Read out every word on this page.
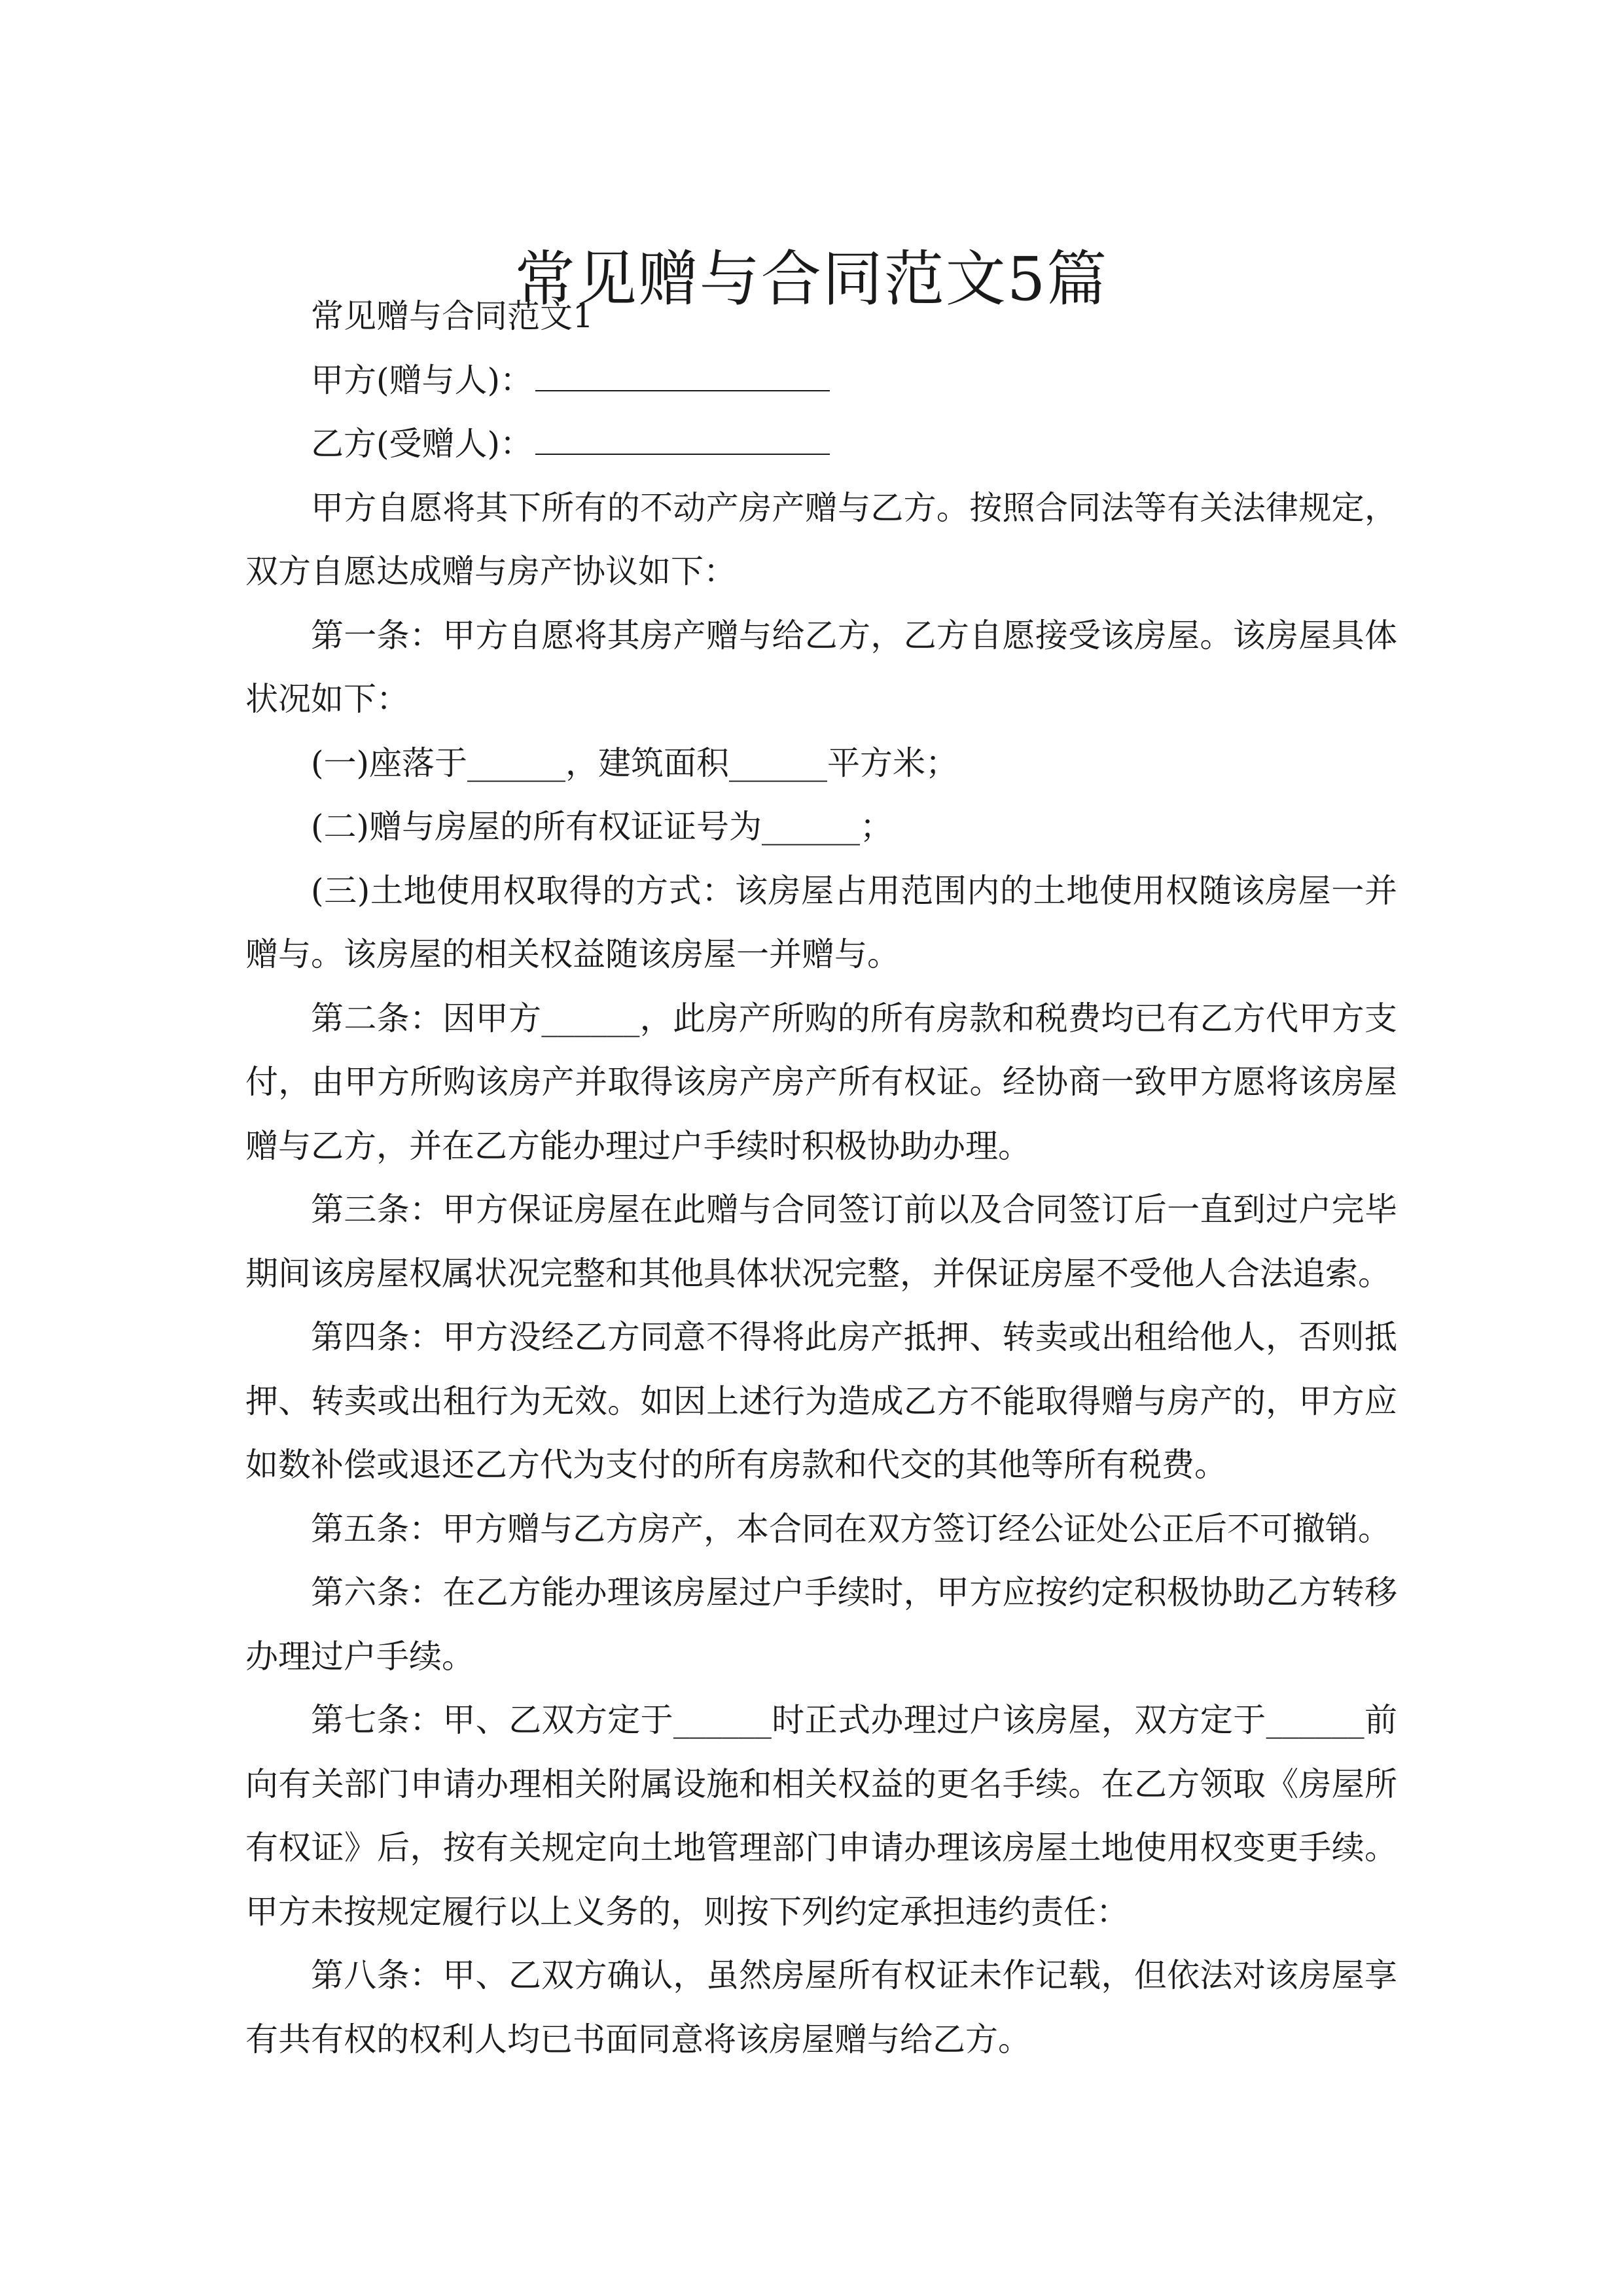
常见赠与合同范文5篇

常见赠与合同范文1

甲方(赠与人)：

乙方(受赠人)：

甲方自愿将其下所有的不动产房产赠与乙方。按照合同法等有关法律规定，双方自愿达成赠与房产协议如下：

第一条：甲方自愿将其房产赠与给乙方，乙方自愿接受该房屋。该房屋具体状况如下：

(一)座落于______，建筑面积______平方米；

(二)赠与房屋的所有权证证号为______；

(三)土地使用权取得的方式：该房屋占用范围内的土地使用权随该房屋一并赠与。该房屋的相关权益随该房屋一并赠与。

第二条：因甲方______，此房产所购的所有房款和税费均已有乙方代甲方支付，由甲方所购该房产并取得该房产房产所有权证。经协商一致甲方愿将该房屋赠与乙方，并在乙方能办理过户手续时积极协助办理。

第三条：甲方保证房屋在此赠与合同签订前以及合同签订后一直到过户完毕期间该房屋权属状况完整和其他具体状况完整，并保证房屋不受他人合法追索。

第四条：甲方没经乙方同意不得将此房产抵押、转卖或出租给他人，否则抵押、转卖或出租行为无效。如因上述行为造成乙方不能取得赠与房产的，甲方应如数补偿或退还乙方代为支付的所有房款和代交的其他等所有税费。

第五条：甲方赠与乙方房产，本合同在双方签订经公证处公正后不可撤销。

第六条：在乙方能办理该房屋过户手续时，甲方应按约定积极协助乙方转移办理过户手续。

第七条：甲、乙双方定于______时正式办理过户该房屋，双方定于______前向有关部门申请办理相关附属设施和相关权益的更名手续。在乙方领取《房屋所有权证》后，按有关规定向土地管理部门申请办理该房屋土地使用权变更手续。甲方未按规定履行以上义务的，则按下列约定承担违约责任：

第八条：甲、乙双方确认，虽然房屋所有权证未作记载，但依法对该房屋享有共有权的权利人均已书面同意将该房屋赠与给乙方。
